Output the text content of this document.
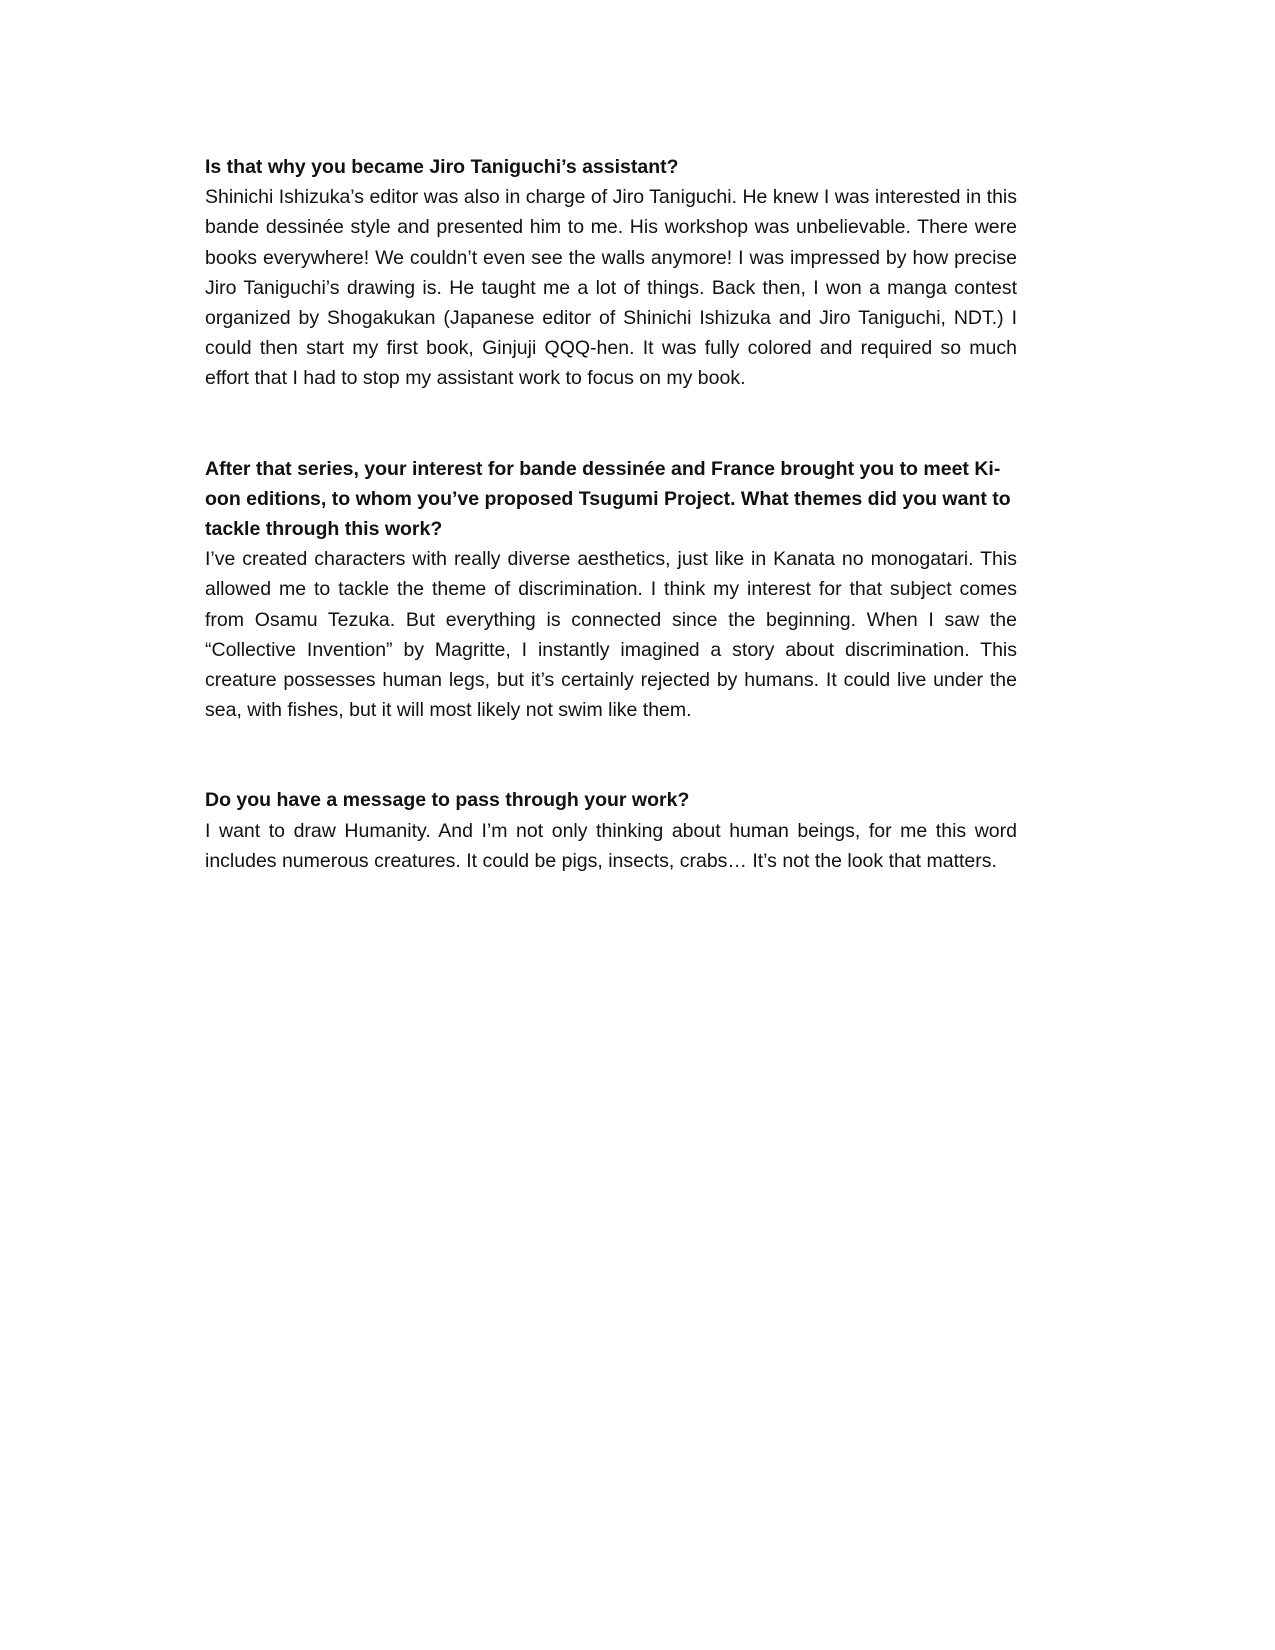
Is that why you became Jiro Taniguchi’s assistant?

Shinichi Ishizuka’s editor was also in charge of Jiro Taniguchi. He knew I was interested in this bande dessinée style and presented him to me. His workshop was unbelievable. There were books everywhere! We couldn’t even see the walls anymore! I was impressed by how precise Jiro Taniguchi’s drawing is. He taught me a lot of things. Back then, I won a manga contest organized by Shogakukan (Japanese editor of Shinichi Ishizuka and Jiro Taniguchi, NDT.) I could then start my first book, Ginjuji QQQ-hen. It was fully colored and required so much effort that I had to stop my assistant work to focus on my book.

After that series, your interest for bande dessinée and France brought you to meet Ki-oon editions, to whom you’ve proposed Tsugumi Project. What themes did you want to tackle through this work?

I’ve created characters with really diverse aesthetics, just like in Kanata no monogatari. This allowed me to tackle the theme of discrimination. I think my interest for that subject comes from Osamu Tezuka. But everything is connected since the beginning. When I saw the “Collective Invention” by Magritte, I instantly imagined a story about discrimination. This creature possesses human legs, but it’s certainly rejected by humans. It could live under the sea, with fishes, but it will most likely not swim like them.

Do you have a message to pass through your work?

I want to draw Humanity. And I’m not only thinking about human beings, for me this word includes numerous creatures. It could be pigs, insects, crabs… It’s not the look that matters.
